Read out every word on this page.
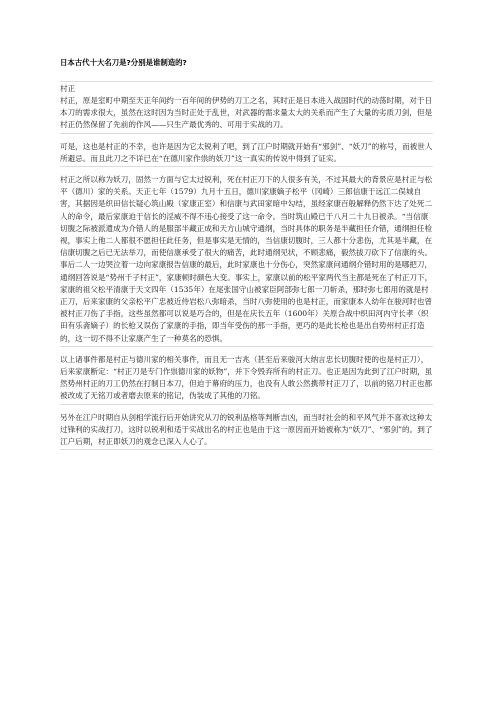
日本古代十大名刀是?分别是谁制造的?

村正

村正，原是室町中期至天正年间约一百年间的伊势的刀工之名，其时正是日本进入战国时代的动荡时期，对于日本刀的需求很大，虽然在这时因为当时正处于乱世，对武器的需求量太大的关系而产生了大量的劣质刀剑，但是村正仍然保留了先前的作风——只生产最优秀的、可用于实战的刀。

可是，这也是村正的不幸，也许是因为它太锐利了吧，到了江户时期就开始有“邪剑”、“妖刀”的称号，而被世人所避忌。而且此刀之不详已在“在德川家作祟的妖刀”这一真实的传说中得到了证实。

村正之所以称为妖刀，固然一方面与它太过锐利，死在村正刀下的人很多有关，不过其最大的背景应是村正与松平（德川）家的关系。天正七年（1579）九月十五日，德川家康嫡子松平（冈崎）三郎信康于远江二俣城自害，其据因是织田信长疑心筑山殿（家康正室）和信康与武田家暗中勾结，虽经家康百般解释仍然下达了处死二人的命令，最后家康迫于信长的淫威不得不违心接受了这一命令。当时筑山殿已于八月二十九日被杀。“当信康切腹之际被派遣成为介错人的是服部半藏正成和天方山城守通纲，当时具体的职务是半藏担任介错，通纲担任检视，事实上他二人都很不愿担任此任务，但是事实是无情的，当信康切腹时，三人都十分悲伤，尤其是半藏，在信康切腹之后已无法举刀，而使信康承受了很大的痛苦，此时通纲见状，不顾悲痛，毅然拔刀砍下了信康的头。事后二人一边哭泣着一边向家康报告信康的最后，此时家康也十分伤心，突然家康问通纲介错时用的是哪把刀，通纲回答说是“势州千子村正”，家康顿时颜色大变。事实上，家康以前的松平家两代当主都是死在了村正刀下，家康的祖父松平清康于天文四年（1535年）在尾张国守山被家臣阿部弥七郎一刀斩杀，那时弥七郎用的就是村正刀，后来家康的父亲松平广忠被近侍岩松八弥暗杀，当时八弥使用的也是村正，而家康本人幼年在骏河时也曾被村正刀伤了手指，这些虽然都可以说是巧合的，但是在庆长五年（1600年）关原合战中织田河内守长孝（织田有乐斋嫡子）的长枪又误伤了家康的手指，即当年受伤的那一手指，更巧的是此长枪也是出自势州村正打造的，这一切不得不让家康产生了一种莫名的恐惧。

以上诸事件都是村正与德川家的相关事件，而且无一吉兆（甚至后来骏河大纳言忠长切腹时使的也是村正刀），后来家康断定：“村正刀是专门作祟德川家的妖物”，并下令毁弃所有的村正刀。也正是因为此到了江户时期，虽然势州村正的刀工仍然在打制日本刀，但迫于幕府的压力，也没有人敢公然携带村正刀了，以前的铭刀村正也都被改成了无铭刀或者磨去原来的铭记，伪装成了其他的刀铭。

另外在江户时期自从剑相学流行后开始讲究从刀的锐利品格等判断吉凶，而当时社会的和平风气并不喜欢这种太过锋利的实战打刀，这时以锐利和适于实战出名的村正也是由于这一原因而开始被称为“妖刀”、“邪剑”的。到了江户后期，村正即妖刀的观念已深入人心了。
